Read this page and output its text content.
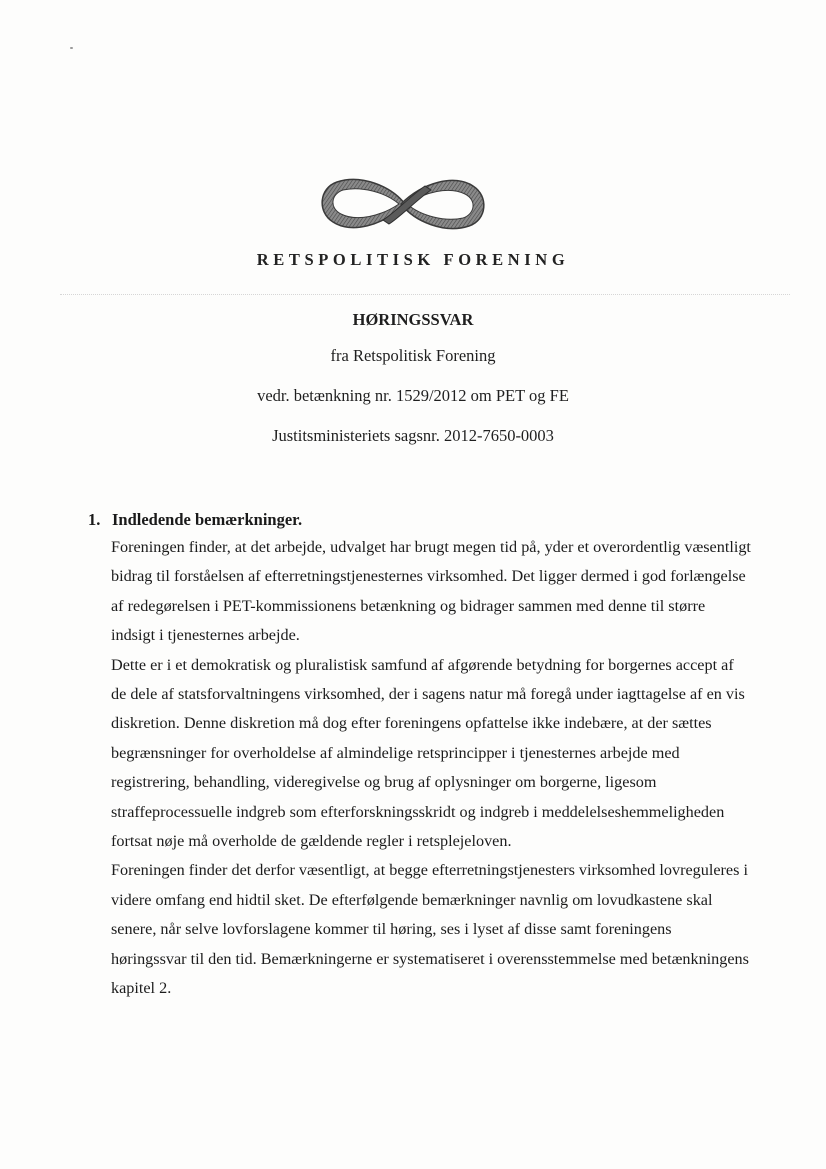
RETSPOLITISK FORENING
HØRINGSSVAR
fra Retspolitisk Forening
vedr. betænkning nr. 1529/2012 om PET og FE
Justitsministeriets sagsnr. 2012-7650-0003
1. Indledende bemærkninger.

Foreningen finder, at det arbejde, udvalget har brugt megen tid på, yder et overordentlig væsentligt bidrag til forståelsen af efterretningstjenesternes virksomhed. Det ligger dermed i god forlængelse af redegørelsen i PET-kommissionens betænkning og bidrager sammen med denne til større indsigt i tjenesternes arbejde.

Dette er i et demokratisk og pluralistisk samfund af afgørende betydning for borgernes accept af de dele af statsforvaltningens virksomhed, der i sagens natur må foregå under iagttagelse af en vis diskretion. Denne diskretion må dog efter foreningens opfattelse ikke indebære, at der sættes begrænsninger for overholdelse af almindelige retsprincipper i tjenesternes arbejde med registrering, behandling, videregivelse og brug af oplysninger om borgerne, ligesom straffeprocessuelle indgreb som efterforskningsskridt og indgreb i meddelelseshemmeligheden fortsat nøje må overholde de gældende regler i retsplejeloven.

Foreningen finder det derfor væsentligt, at begge efterretningstjenesters virksomhed lovreguleres i videre omfang end hidtil sket. De efterfølgende bemærkninger navnlig om lovudkastene skal senere, når selve lovforslagene kommer til høring, ses i lyset af disse samt foreningens høringssvar til den tid. Bemærkningerne er systematiseret i overensstemmelse med betænkningens kapitel 2.
